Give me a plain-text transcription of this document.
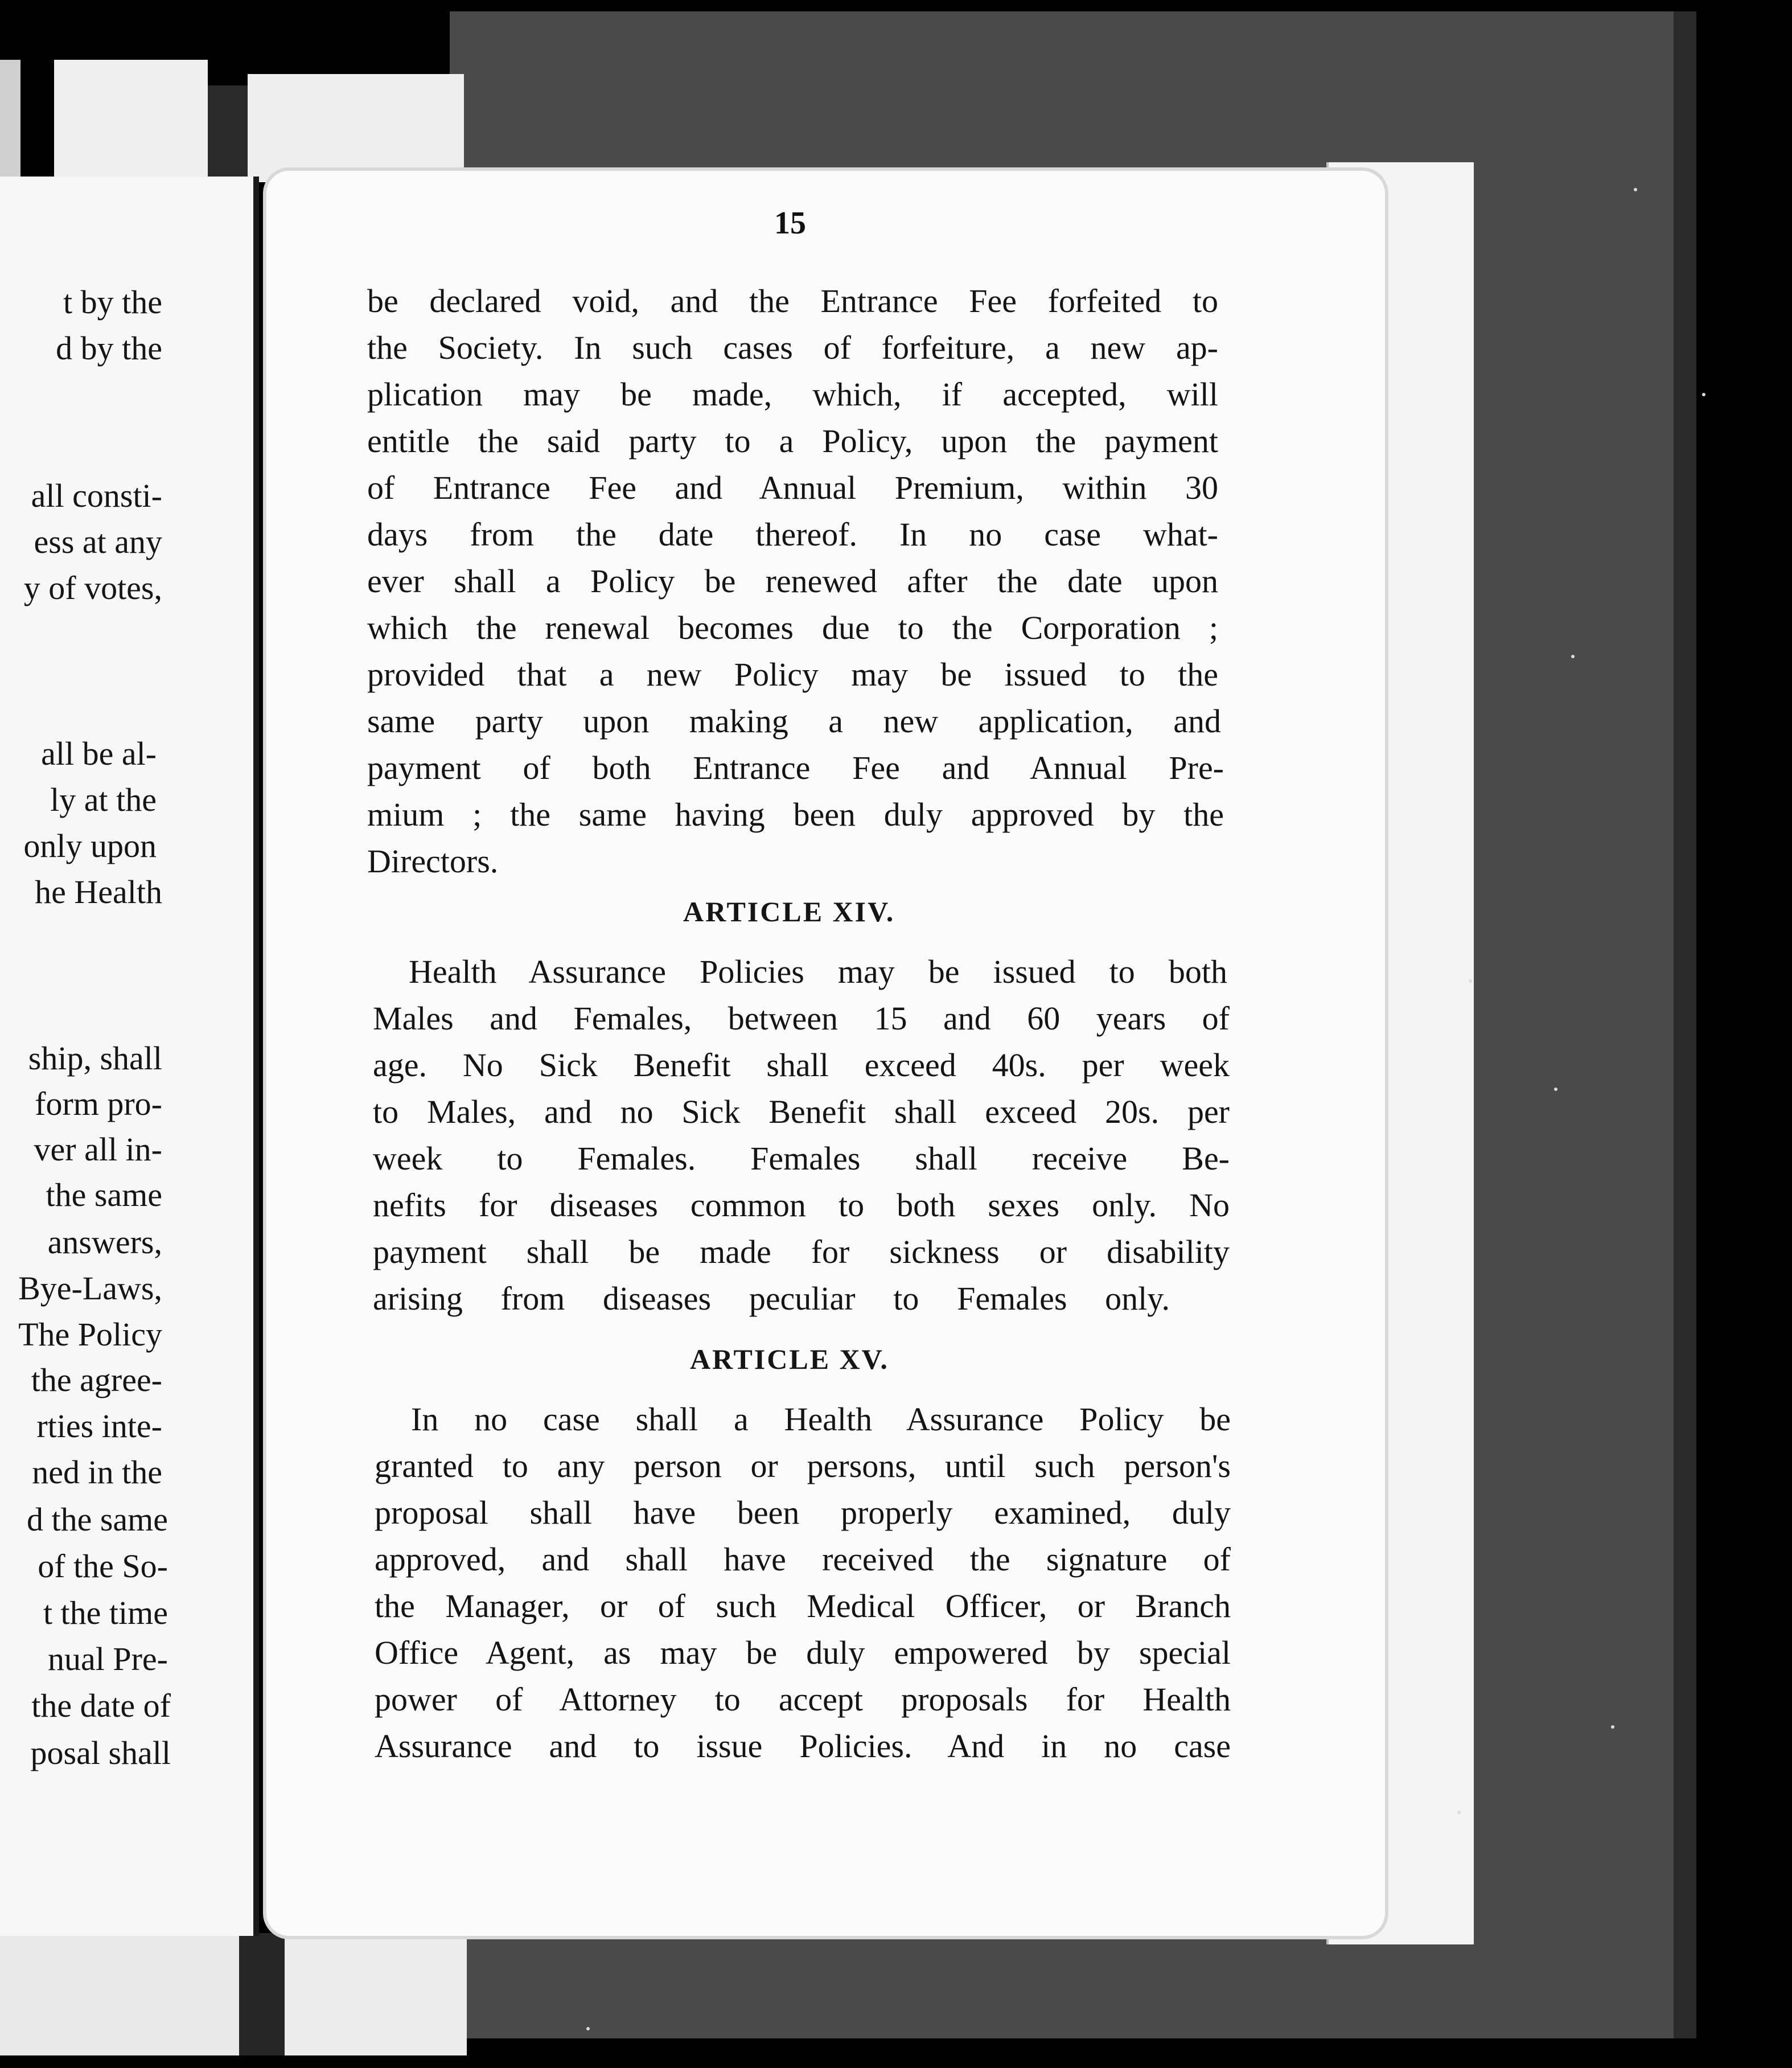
t by the
d by the
all consti-
ess at any
y of votes,
all be al-
ly at the
only upon
he Health
ship, shall
form pro-
ver all in-
the same
answers,
Bye-Laws,
The Policy
the agree-
rties inte-
ned in the
d the same
of the So-
t the time
nual Pre-
the date of
posal shall
15
be declared void, and the Entrance Fee forfeited to
the Society. In such cases of forfeiture, a new ap-
plication may be made, which, if accepted, will
entitle the said party to a Policy, upon the payment
of Entrance Fee and Annual Premium, within 30
days from the date thereof. In no case what-
ever shall a Policy be renewed after the date upon
which the renewal becomes due to the Corporation ;
provided that a new Policy may be issued to the
same party upon making a new application, and
payment of both Entrance Fee and Annual Pre-
mium ; the same having been duly approved by the
Directors.
ARTICLE XIV.
Health Assurance Policies may be issued to both
Males and Females, between 15 and 60 years of
age. No Sick Benefit shall exceed 40s. per week
to Males, and no Sick Benefit shall exceed 20s. per
week to Females. Females shall receive Be-
nefits for diseases common to both sexes only. No
payment shall be made for sickness or disability
arising from diseases peculiar to Females only.
ARTICLE XV.
In no case shall a Health Assurance Policy be
granted to any person or persons, until such person's
proposal shall have been properly examined, duly
approved, and shall have received the signature of
the Manager, or of such Medical Officer, or Branch
Office Agent, as may be duly empowered by special
power of Attorney to accept proposals for Health
Assurance and to issue Policies. And in no case
